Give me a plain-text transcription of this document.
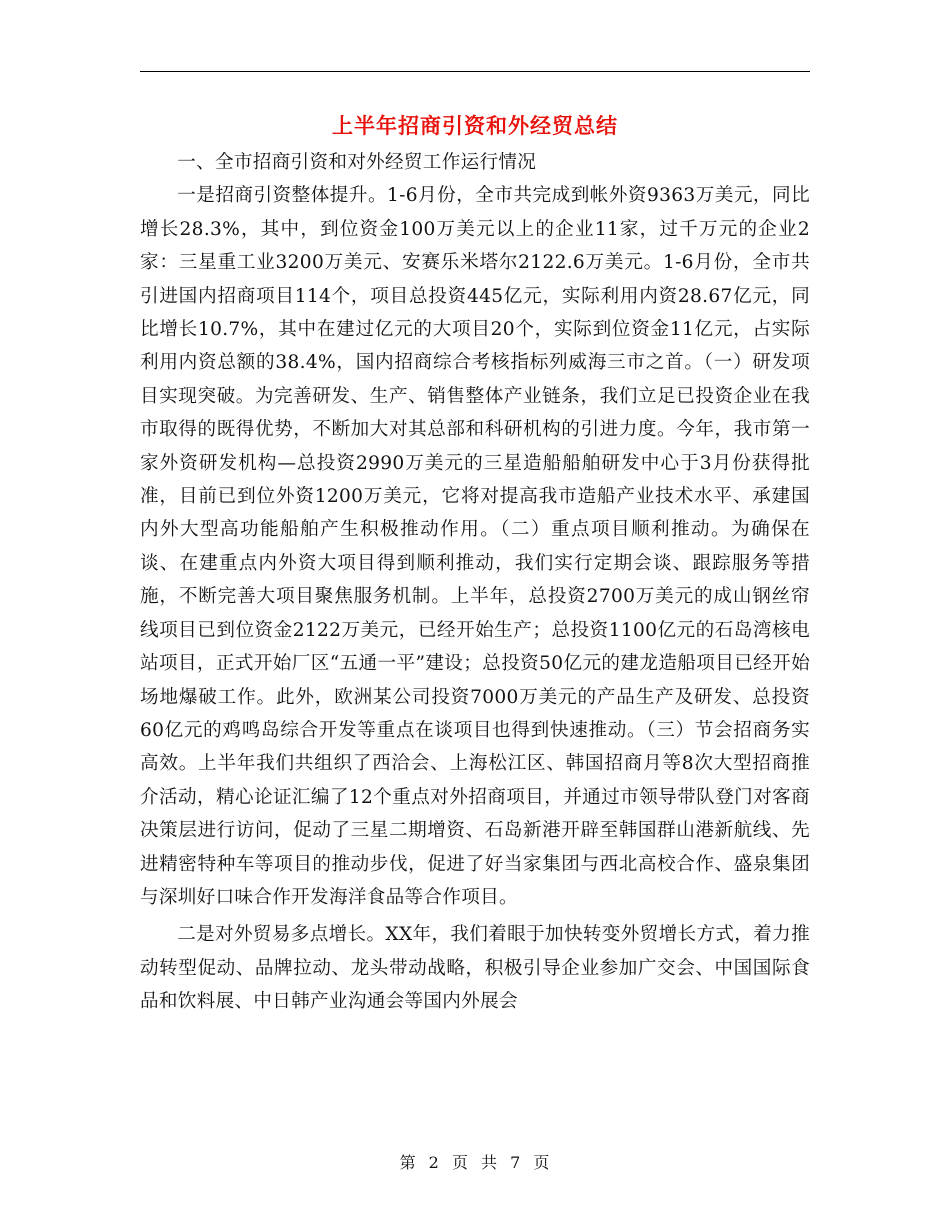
上半年招商引资和外经贸总结

一、全市招商引资和对外经贸工作运行情况

一是招商引资整体提升。1-6月份，全市共完成到帐外资9363万美元，同比增长28.3%，其中，到位资金100万美元以上的企业11家，过千万元的企业2家：三星重工业3200万美元、安赛乐米塔尔2122.6万美元。1-6月份，全市共引进国内招商项目114个，项目总投资445亿元，实际利用内资28.67亿元，同比增长10.7%，其中在建过亿元的大项目20个，实际到位资金11亿元，占实际利用内资总额的38.4%，国内招商综合考核指标列威海三市之首。（一）研发项目实现突破。为完善研发、生产、销售整体产业链条，我们立足已投资企业在我市取得的既得优势，不断加大对其总部和科研机构的引进力度。今年，我市第一家外资研发机构—总投资2990万美元的三星造船船舶研发中心于3月份获得批准，目前已到位外资1200万美元，它将对提高我市造船产业技术水平、承建国内外大型高功能船舶产生积极推动作用。（二）重点项目顺利推动。为确保在谈、在建重点内外资大项目得到顺利推动，我们实行定期会谈、跟踪服务等措施，不断完善大项目聚焦服务机制。上半年，总投资2700万美元的成山钢丝帘线项目已到位资金2122万美元，已经开始生产；总投资1100亿元的石岛湾核电站项目，正式开始厂区“五通一平”建设；总投资50亿元的建龙造船项目已经开始场地爆破工作。此外，欧洲某公司投资7000万美元的产品生产及研发、总投资60亿元的鸡鸣岛综合开发等重点在谈项目也得到快速推动。（三）节会招商务实高效。上半年我们共组织了西洽会、上海松江区、韩国招商月等8次大型招商推介活动，精心论证汇编了12个重点对外招商项目，并通过市领导带队登门对客商决策层进行访问，促动了三星二期增资、石岛新港开辟至韩国群山港新航线、先进精密特种车等项目的推动步伐，促进了好当家集团与西北高校合作、盛泉集团与深圳好口味合作开发海洋食品等合作项目。

二是对外贸易多点增长。XX年，我们着眼于加快转变外贸增长方式，着力推动转型促动、品牌拉动、龙头带动战略，积极引导企业参加广交会、中国国际食品和饮料展、中日韩产业沟通会等国内外展会

第 2 页 共 7 页
